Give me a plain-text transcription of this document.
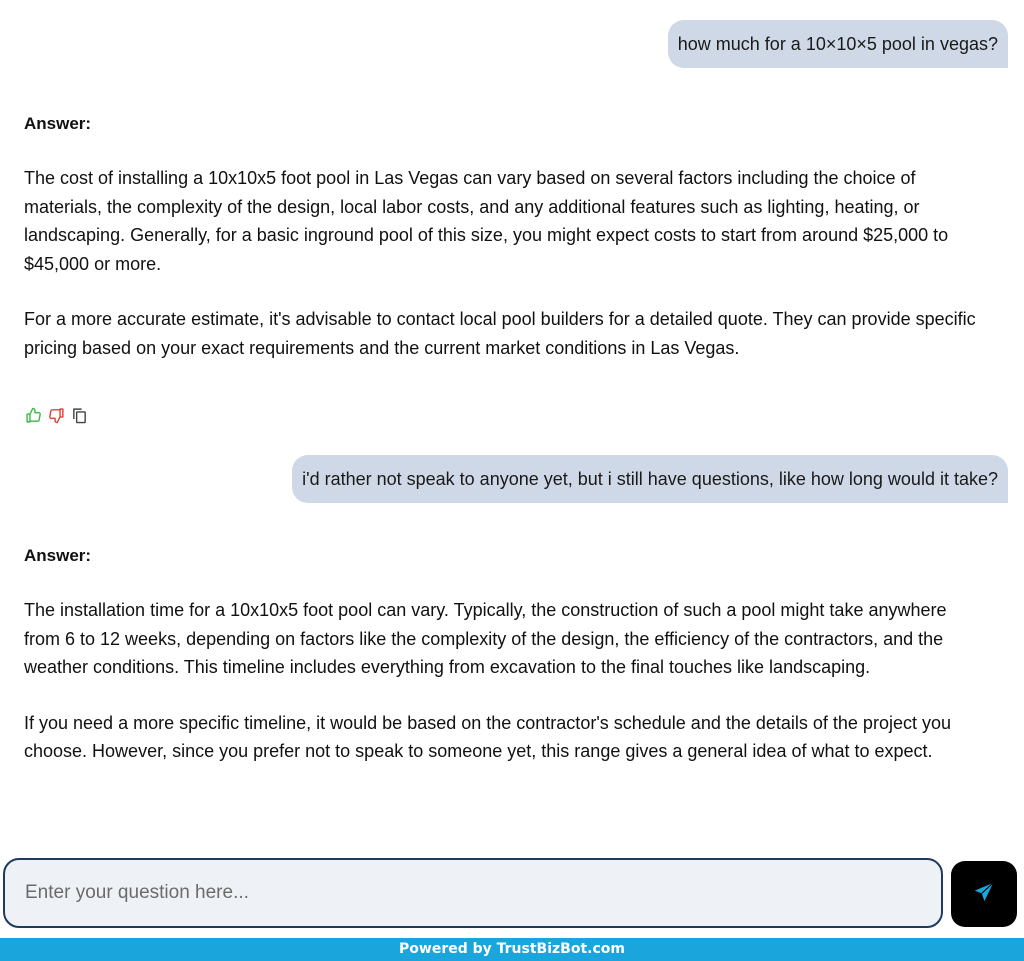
how much for a 10×10×5 pool in vegas?
Answer:

The cost of installing a 10x10x5 foot pool in Las Vegas can vary based on several factors including the choice of materials, the complexity of the design, local labor costs, and any additional features such as lighting, heating, or landscaping. Generally, for a basic inground pool of this size, you might expect costs to start from around $25,000 to $45,000 or more.

For a more accurate estimate, it's advisable to contact local pool builders for a detailed quote. They can provide specific pricing based on your exact requirements and the current market conditions in Las Vegas.

i'd rather not speak to anyone yet, but i still have questions, like how long would it take?
Answer:

The installation time for a 10x10x5 foot pool can vary. Typically, the construction of such a pool might take anywhere from 6 to 12 weeks, depending on factors like the complexity of the design, the efficiency of the contractors, and the weather conditions. This timeline includes everything from excavation to the final touches like landscaping.

If you need a more specific timeline, it would be based on the contractor's schedule and the details of the project you choose. However, since you prefer not to speak to someone yet, this range gives a general idea of what to expect.

Enter your question here...
Powered by TrustBizBot.com
